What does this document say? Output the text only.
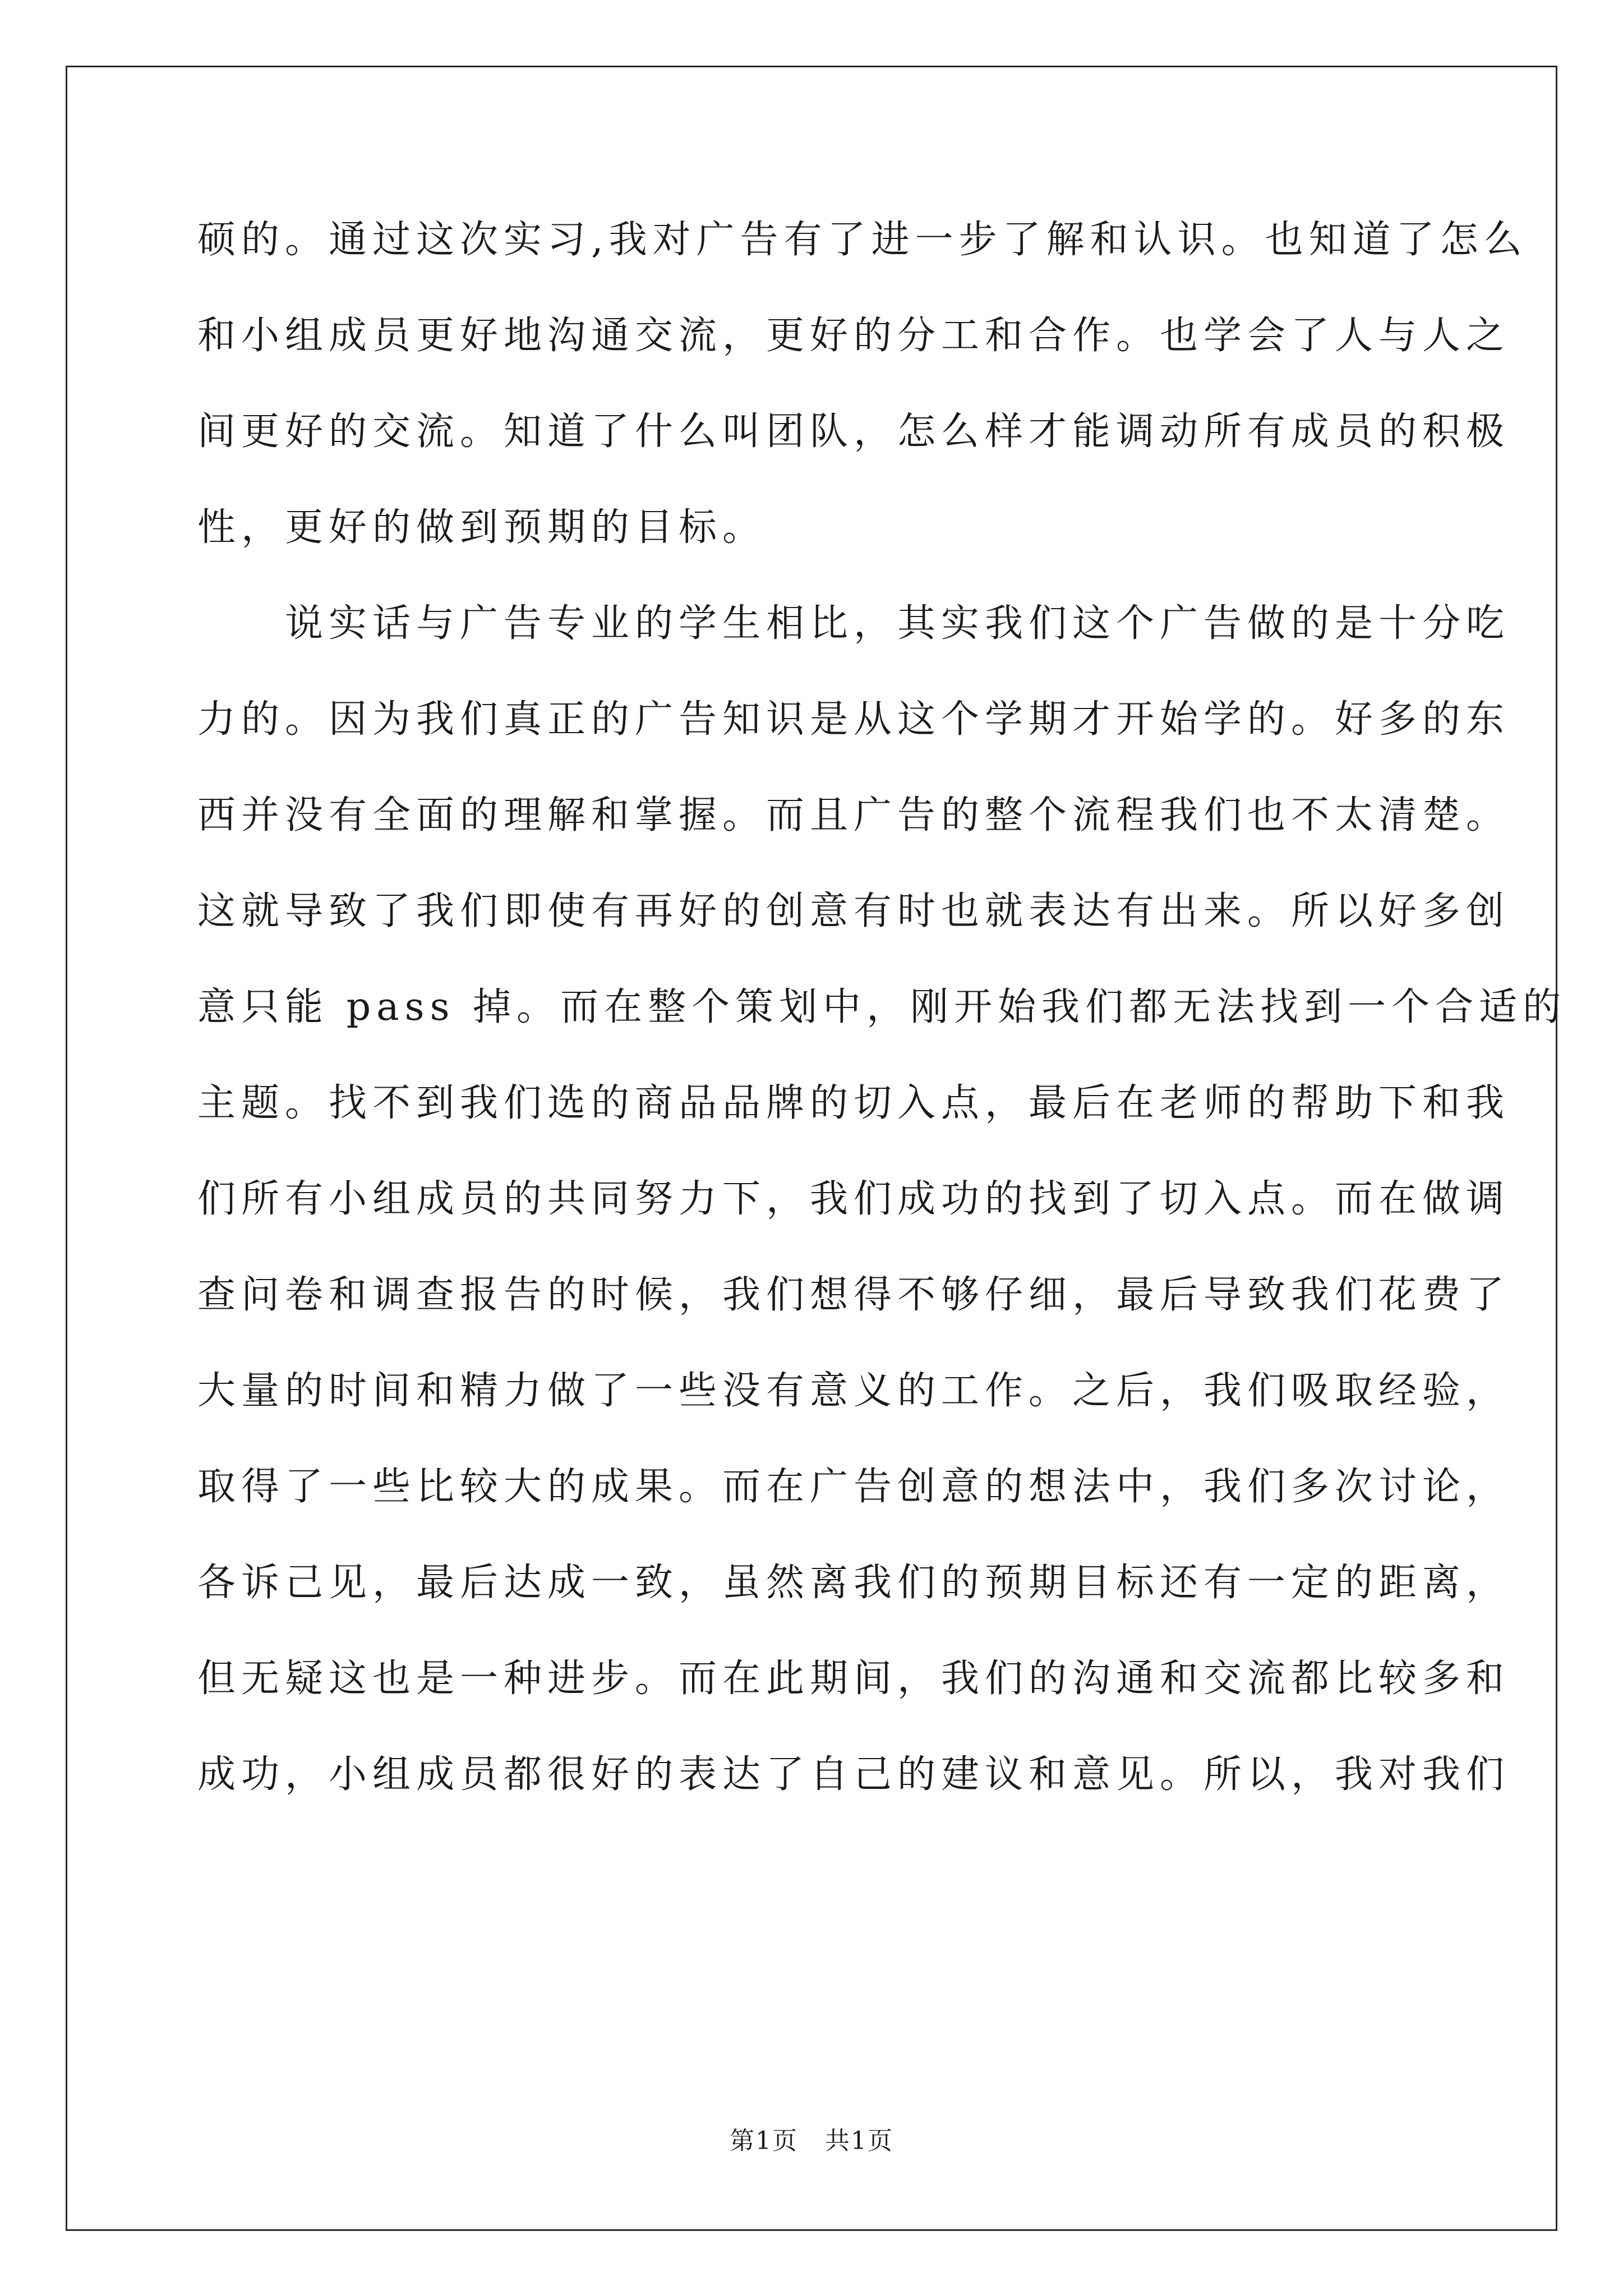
硕的。通过这次实习,我对广告有了进一步了解和认识。也知道了怎么
和小组成员更好地沟通交流，更好的分工和合作。也学会了人与人之
间更好的交流。知道了什么叫团队，怎么样才能调动所有成员的积极
性，更好的做到预期的目标。
　　说实话与广告专业的学生相比，其实我们这个广告做的是十分吃
力的。因为我们真正的广告知识是从这个学期才开始学的。好多的东
西并没有全面的理解和掌握。而且广告的整个流程我们也不太清楚。
这就导致了我们即使有再好的创意有时也就表达有出来。所以好多创
意只能 pass 掉。而在整个策划中，刚开始我们都无法找到一个合适的
主题。找不到我们选的商品品牌的切入点，最后在老师的帮助下和我
们所有小组成员的共同努力下，我们成功的找到了切入点。而在做调
查问卷和调查报告的时候，我们想得不够仔细，最后导致我们花费了
大量的时间和精力做了一些没有意义的工作。之后，我们吸取经验，
取得了一些比较大的成果。而在广告创意的想法中，我们多次讨论，
各诉己见，最后达成一致，虽然离我们的预期目标还有一定的距离，
但无疑这也是一种进步。而在此期间，我们的沟通和交流都比较多和
成功，小组成员都很好的表达了自己的建议和意见。所以，我对我们
第1页 共1页
